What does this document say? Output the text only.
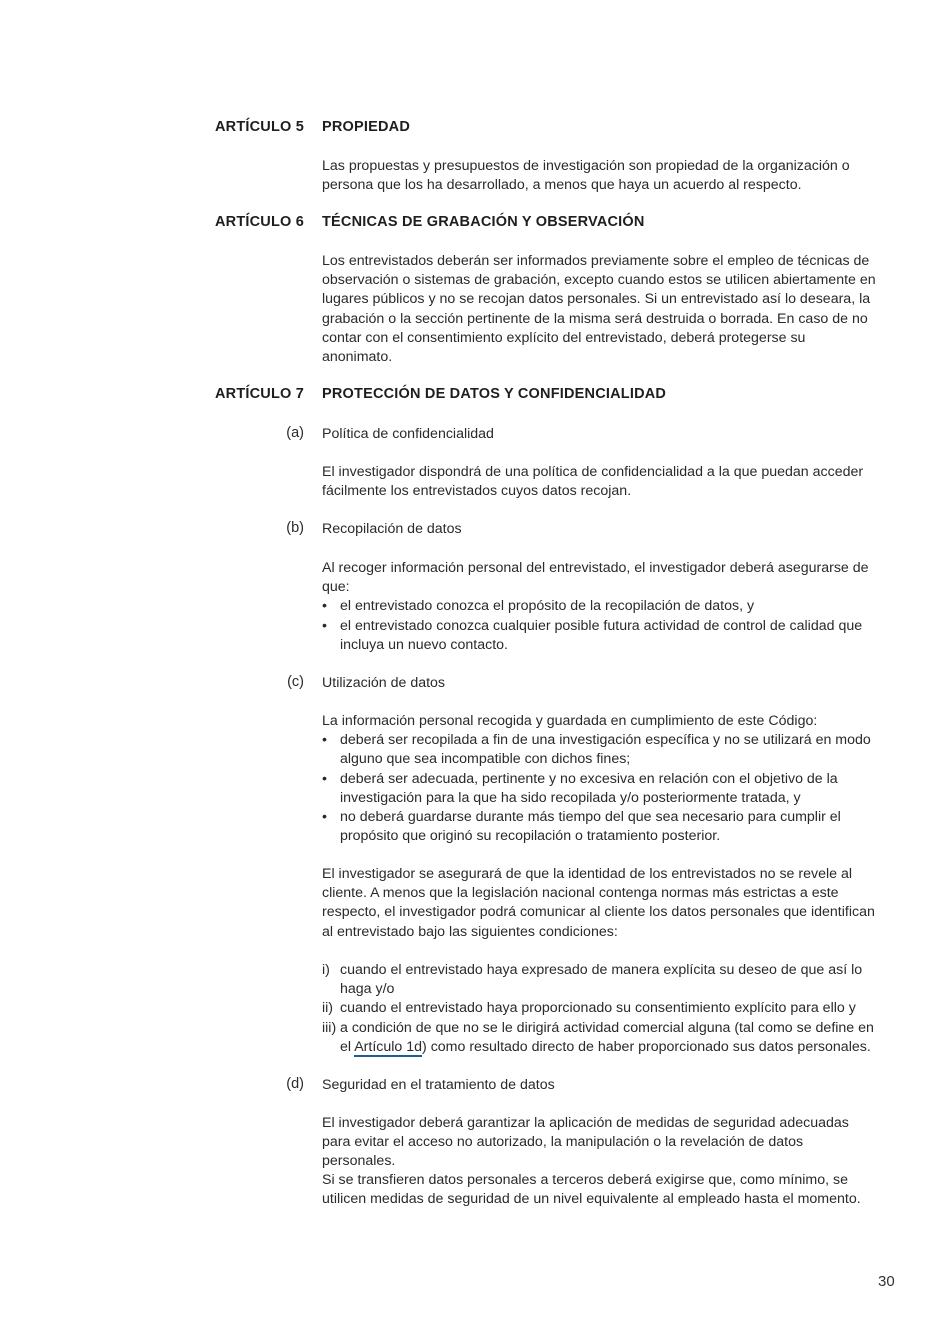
ARTÍCULO 5 PROPIEDAD

Las propuestas y presupuestos de investigación son propiedad de la organización o persona que los ha desarrollado, a menos que haya un acuerdo al respecto.

ARTÍCULO 6 TÉCNICAS DE GRABACIÓN Y OBSERVACIÓN

Los entrevistados deberán ser informados previamente sobre el empleo de técnicas de observación o sistemas de grabación, excepto cuando estos se utilicen abiertamente en lugares públicos y no se recojan datos personales. Si un entrevistado así lo deseara, la grabación o la sección pertinente de la misma será destruida o borrada. En caso de no contar con el consentimiento explícito del entrevistado, deberá protegerse su anonimato.

ARTÍCULO 7 PROTECCIÓN DE DATOS Y CONFIDENCIALIDAD
(a) Política de confidencialidad

El investigador dispondrá de una política de confidencialidad a la que puedan acceder fácilmente los entrevistados cuyos datos recojan.

(b) Recopilación de datos

Al recoger información personal del entrevistado, el investigador deberá asegurarse de que:

• el entrevistado conozca el propósito de la recopilación de datos, y
• el entrevistado conozca cualquier posible futura actividad de control de calidad que incluya un nuevo contacto.
(c) Utilización de datos

La información personal recogida y guardada en cumplimiento de este Código:

• deberá ser recopilada a fin de una investigación específica y no se utilizará en modo alguno que sea incompatible con dichos fines;
• deberá ser adecuada, pertinente y no excesiva en relación con el objetivo de la investigación para la que ha sido recopilada y/o posteriormente tratada, y
• no deberá guardarse durante más tiempo del que sea necesario para cumplir el propósito que originó su recopilación o tratamiento posterior.

El investigador se asegurará de que la identidad de los entrevistados no se revele al cliente. A menos que la legislación nacional contenga normas más estrictas a este respecto, el investigador podrá comunicar al cliente los datos personales que identifican al entrevistado bajo las siguientes condiciones:

i) cuando el entrevistado haya expresado de manera explícita su deseo de que así lo haga y/o
ii) cuando el entrevistado haya proporcionado su consentimiento explícito para ello y
iii) a condición de que no se le dirigirá actividad comercial alguna (tal como se define en el Artículo 1d) como resultado directo de haber proporcionado sus datos personales.
(d) Seguridad en el tratamiento de datos

El investigador deberá garantizar la aplicación de medidas de seguridad adecuadas para evitar el acceso no autorizado, la manipulación o la revelación de datos personales.

Si se transfieren datos personales a terceros deberá exigirse que, como mínimo, se utilicen medidas de seguridad de un nivel equivalente al empleado hasta el momento.

30
